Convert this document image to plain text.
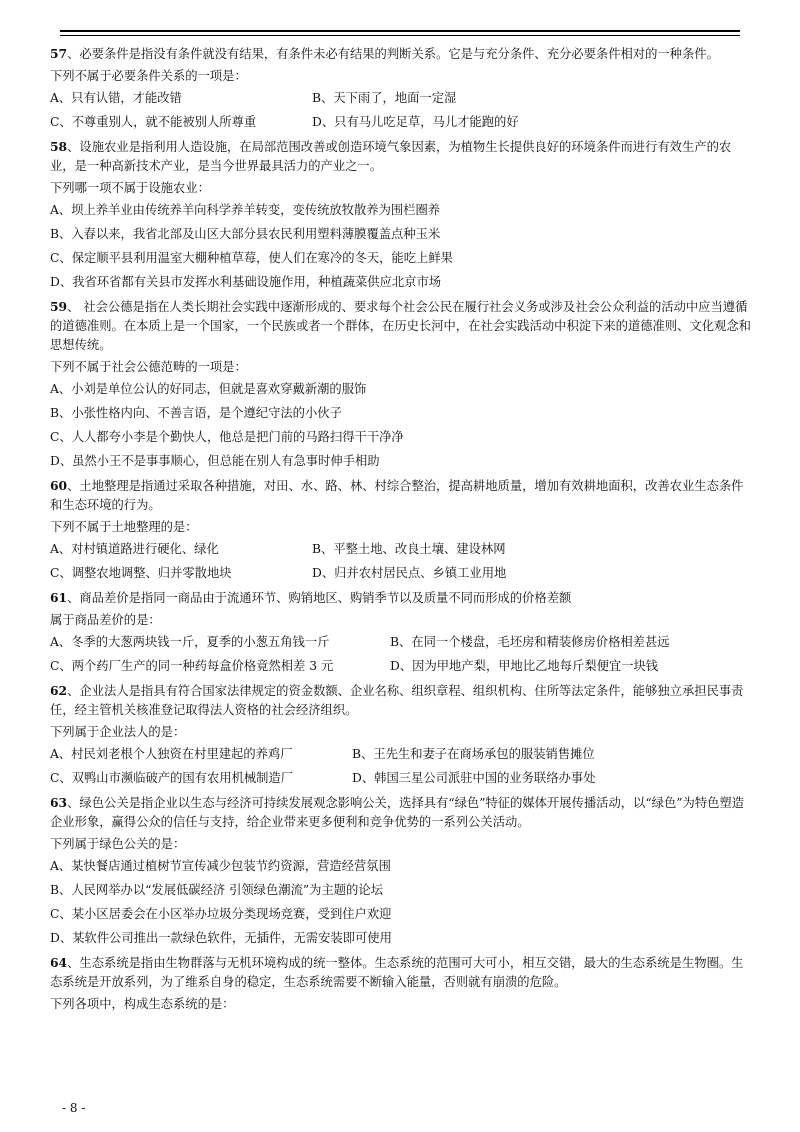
57、必要条件是指没有条件就没有结果，有条件未必有结果的判断关系。它是与充分条件、充分必要条件相对的一种条件。

下列不属于必要条件关系的一项是：

A、只有认错，才能改错	B、天下雨了，地面一定湿
C、不尊重别人，就不能被别人所尊重	D、只有马儿吃足草，马儿才能跑的好

58、设施农业是指利用人造设施，在局部范围改善或创造环境气象因素，为植物生长提供良好的环境条件而进行有效生产的农业，是一种高新技术产业，是当今世界最具活力的产业之一。

下列哪一项不属于设施农业：

A、坝上养羊业由传统养羊向科学养羊转变，变传统放牧散养为围栏圈养
B、入春以来，我省北部及山区大部分县农民利用塑料薄膜覆盖点种玉米
C、保定顺平县利用温室大棚种植草莓，使人们在寒冷的冬天，能吃上鲜果
D、我省环省都有关县市发挥水利基础设施作用，种植蔬菜供应北京市场

59、 社会公德是指在人类长期社会实践中逐渐形成的、要求每个社会公民在履行社会义务或涉及社会公众利益的活动中应当遵循的道德准则。在本质上是一个国家，一个民族或者一个群体，在历史长河中，在社会实践活动中积淀下来的道德准则、文化观念和思想传统。

下列不属于社会公德范畴的一项是：

A、小刘是单位公认的好同志，但就是喜欢穿戴新潮的服饰
B、小张性格内向、不善言语，是个遵纪守法的小伙子
C、人人都夸小李是个勤快人，他总是把门前的马路扫得干干净净
D、虽然小王不是事事顺心，但总能在别人有急事时伸手相助

60、土地整理是指通过采取各种措施，对田、水、路、林、村综合整治，提高耕地质量，增加有效耕地面积，改善农业生态条件和生态环境的行为。

下列不属于土地整理的是：

A、对村镇道路进行硬化、绿化	B、平整土地、改良土壤、建设林网
C、调整农地调整、归并零散地块	D、归并农村居民点、乡镇工业用地

61、商品差价是指同一商品由于流通环节、购销地区、购销季节以及质量不同而形成的价格差额

属于商品差价的是：

A、冬季的大葱两块钱一斤，夏季的小葱五角钱一斤	B、在同一个楼盘，毛坯房和精装修房价格相差甚远
C、两个药厂生产的同一种药每盒价格竟然相差 3 元	D、因为甲地产梨，甲地比乙地每斤梨便宜一块钱

62、企业法人是指具有符合国家法律规定的资金数额、企业名称、组织章程、组织机构、住所等法定条件，能够独立承担民事责任，经主管机关核准登记取得法人资格的社会经济组织。

下列属于企业法人的是：

A、村民刘老根个人独资在村里建起的养鸡厂	B、王先生和妻子在商场承包的服装销售摊位
C、双鸭山市濒临破产的国有农用机械制造厂	D、韩国三星公司派驻中国的业务联络办事处

63、绿色公关是指企业以生态与经济可持续发展观念影响公关，选择具有“绿色”特征的媒体开展传播活动，以“绿色”为特色塑造企业形象，赢得公众的信任与支持，给企业带来更多便利和竞争优势的一系列公关活动。

下列属于绿色公关的是：

A、某快餐店通过植树节宣传减少包装节约资源，营造经营氛围
B、人民网举办以“发展低碳经济 引领绿色潮流”为主题的论坛
C、某小区居委会在小区举办垃圾分类现场竞赛，受到住户欢迎
D、某软件公司推出一款绿色软件，无插件，无需安装即可使用

64、生态系统是指由生物群落与无机环境构成的统一整体。生态系统的范围可大可小，相互交错，最大的生态系统是生物圈。生态系统是开放系列，为了维系自身的稳定，生态系统需要不断输入能量，否则就有崩溃的危险。

下列各项中，构成生态系统的是：

- 8 -
